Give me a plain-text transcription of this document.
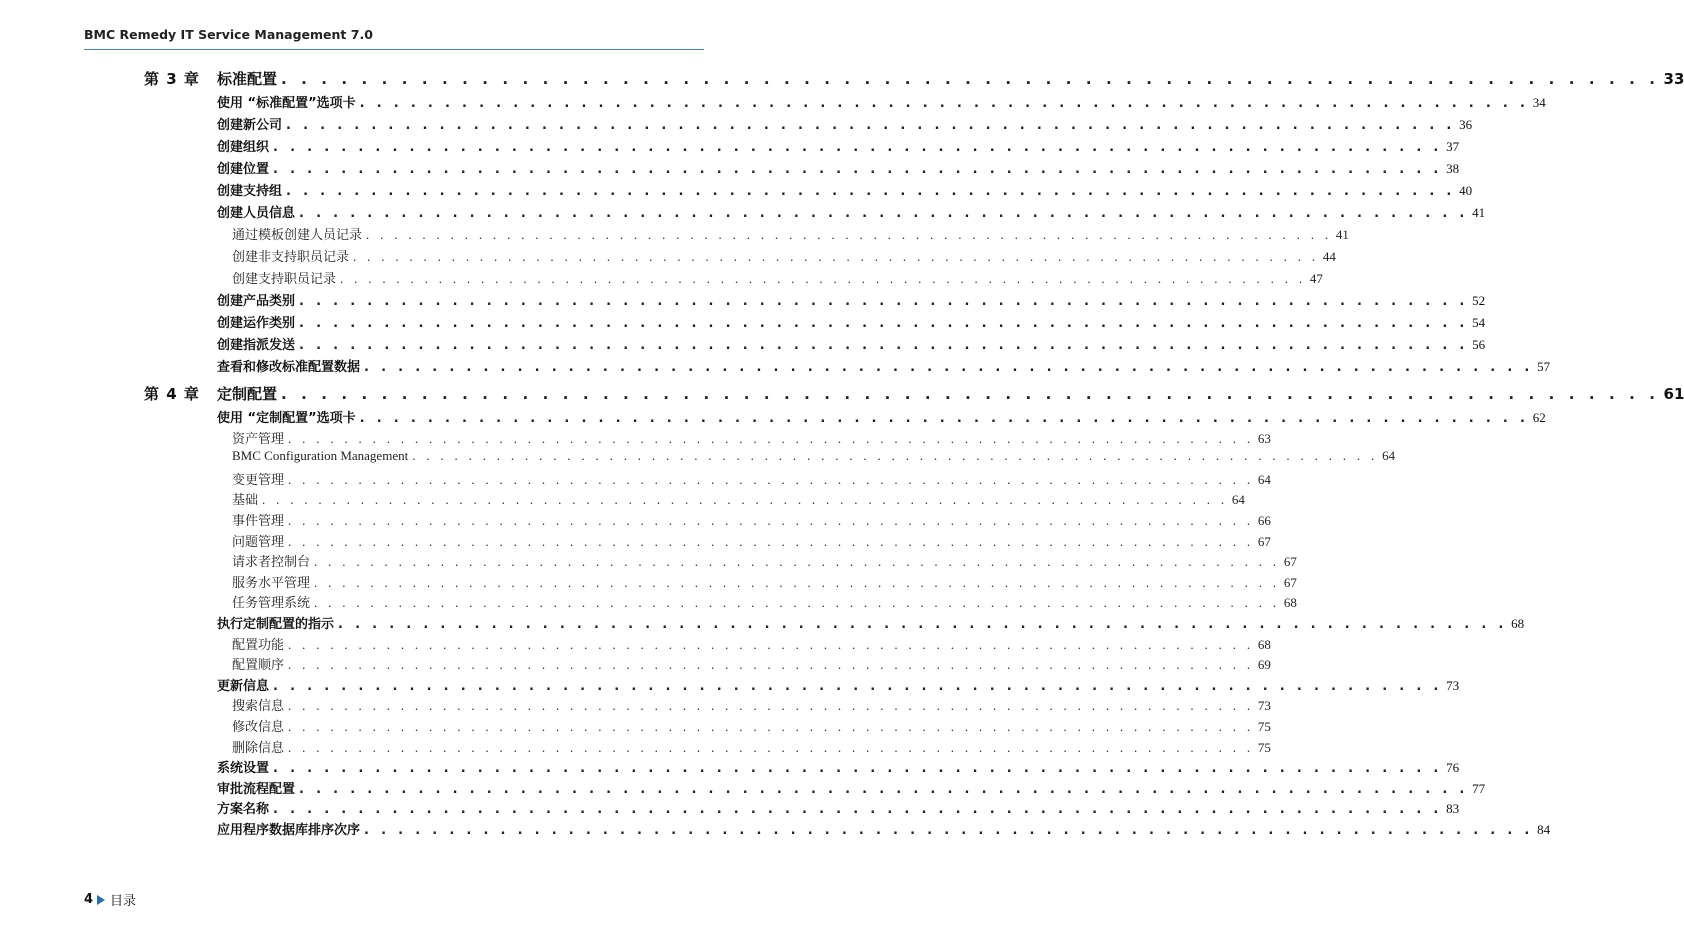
BMC Remedy IT Service Management 7.0
第 3 章 标准配置 . . . . . . . . . . . . . . . . . . . . . . . . . . . . . . . . . . . . . . . . . . . . . . . . . . . . . . . . . . . . . . . . . . . . . 33
使用 “标准配置”选项卡 . . . . . . . . . . . . . . . . . . . . . . . . . . . . . . . . . . . . . . . . . . . . . . . . . . . . . . . . . . . . . . . . . . . . . 34
创建新公司 . . . . . . . . . . . . . . . . . . . . . . . . . . . . . . . . . . . . . . . . . . . . . . . . . . . . . . . . . . . . . . . . . . . . . 36
创建组织 . . . . . . . . . . . . . . . . . . . . . . . . . . . . . . . . . . . . . . . . . . . . . . . . . . . . . . . . . . . . . . . . . . . . . 37
创建位置 . . . . . . . . . . . . . . . . . . . . . . . . . . . . . . . . . . . . . . . . . . . . . . . . . . . . . . . . . . . . . . . . . . . . . 38
创建支持组 . . . . . . . . . . . . . . . . . . . . . . . . . . . . . . . . . . . . . . . . . . . . . . . . . . . . . . . . . . . . . . . . . . . . . 40
创建人员信息 . . . . . . . . . . . . . . . . . . . . . . . . . . . . . . . . . . . . . . . . . . . . . . . . . . . . . . . . . . . . . . . . . . . . . 41
通过模板创建人员记录 . . . . . . . . . . . . . . . . . . . . . . . . . . . . . . . . . . . . . . . . . . . . . . . . . . . . . . . . . . . . . . . . . . . . . 41
创建非支持职员记录 . . . . . . . . . . . . . . . . . . . . . . . . . . . . . . . . . . . . . . . . . . . . . . . . . . . . . . . . . . . . . . . . . . . . . 44
创建支持职员记录 . . . . . . . . . . . . . . . . . . . . . . . . . . . . . . . . . . . . . . . . . . . . . . . . . . . . . . . . . . . . . . . . . . . . . 47
创建产品类别 . . . . . . . . . . . . . . . . . . . . . . . . . . . . . . . . . . . . . . . . . . . . . . . . . . . . . . . . . . . . . . . . . . . . . 52
创建运作类别 . . . . . . . . . . . . . . . . . . . . . . . . . . . . . . . . . . . . . . . . . . . . . . . . . . . . . . . . . . . . . . . . . . . . . 54
创建指派发送 . . . . . . . . . . . . . . . . . . . . . . . . . . . . . . . . . . . . . . . . . . . . . . . . . . . . . . . . . . . . . . . . . . . . . 56
查看和修改标准配置数据 . . . . . . . . . . . . . . . . . . . . . . . . . . . . . . . . . . . . . . . . . . . . . . . . . . . . . . . . . . . . . . . . . . . . . 57
第 4 章 定制配置 . . . . . . . . . . . . . . . . . . . . . . . . . . . . . . . . . . . . . . . . . . . . . . . . . . . . . . . . . . . . . . . . . . . . . 61
使用 “定制配置”选项卡 . . . . . . . . . . . . . . . . . . . . . . . . . . . . . . . . . . . . . . . . . . . . . . . . . . . . . . . . . . . . . . . . . . . . . 62
资产管理 . . . . . . . . . . . . . . . . . . . . . . . . . . . . . . . . . . . . . . . . . . . . . . . . . . . . . . . . . . . . . . . . . . . . . 63
BMC Configuration Management . . . . . . . . . . . . . . . . . . . . . . . . . . . . . . . . . . . . . . . . . . . . . . . . . . . . . . . . . . . . . . . . . . . . . 64
变更管理 . . . . . . . . . . . . . . . . . . . . . . . . . . . . . . . . . . . . . . . . . . . . . . . . . . . . . . . . . . . . . . . . . . . . . 64
基础 . . . . . . . . . . . . . . . . . . . . . . . . . . . . . . . . . . . . . . . . . . . . . . . . . . . . . . . . . . . . . . . . . . . . . 64
事件管理 . . . . . . . . . . . . . . . . . . . . . . . . . . . . . . . . . . . . . . . . . . . . . . . . . . . . . . . . . . . . . . . . . . . . . 66
问题管理 . . . . . . . . . . . . . . . . . . . . . . . . . . . . . . . . . . . . . . . . . . . . . . . . . . . . . . . . . . . . . . . . . . . . . 67
请求者控制台 . . . . . . . . . . . . . . . . . . . . . . . . . . . . . . . . . . . . . . . . . . . . . . . . . . . . . . . . . . . . . . . . . . . . . 67
服务水平管理 . . . . . . . . . . . . . . . . . . . . . . . . . . . . . . . . . . . . . . . . . . . . . . . . . . . . . . . . . . . . . . . . . . . . . 67
任务管理系统 . . . . . . . . . . . . . . . . . . . . . . . . . . . . . . . . . . . . . . . . . . . . . . . . . . . . . . . . . . . . . . . . . . . . . 68
执行定制配置的指示 . . . . . . . . . . . . . . . . . . . . . . . . . . . . . . . . . . . . . . . . . . . . . . . . . . . . . . . . . . . . . . . . . . . . . 68
配置功能 . . . . . . . . . . . . . . . . . . . . . . . . . . . . . . . . . . . . . . . . . . . . . . . . . . . . . . . . . . . . . . . . . . . . . 68
配置顺序 . . . . . . . . . . . . . . . . . . . . . . . . . . . . . . . . . . . . . . . . . . . . . . . . . . . . . . . . . . . . . . . . . . . . . 69
更新信息 . . . . . . . . . . . . . . . . . . . . . . . . . . . . . . . . . . . . . . . . . . . . . . . . . . . . . . . . . . . . . . . . . . . . . 73
搜索信息 . . . . . . . . . . . . . . . . . . . . . . . . . . . . . . . . . . . . . . . . . . . . . . . . . . . . . . . . . . . . . . . . . . . . . 73
修改信息 . . . . . . . . . . . . . . . . . . . . . . . . . . . . . . . . . . . . . . . . . . . . . . . . . . . . . . . . . . . . . . . . . . . . . 75
删除信息 . . . . . . . . . . . . . . . . . . . . . . . . . . . . . . . . . . . . . . . . . . . . . . . . . . . . . . . . . . . . . . . . . . . . . 75
系统设置 . . . . . . . . . . . . . . . . . . . . . . . . . . . . . . . . . . . . . . . . . . . . . . . . . . . . . . . . . . . . . . . . . . . . . 76
审批流程配置 . . . . . . . . . . . . . . . . . . . . . . . . . . . . . . . . . . . . . . . . . . . . . . . . . . . . . . . . . . . . . . . . . . . . . 77
方案名称 . . . . . . . . . . . . . . . . . . . . . . . . . . . . . . . . . . . . . . . . . . . . . . . . . . . . . . . . . . . . . . . . . . . . . 83
应用程序数据库排序次序 . . . . . . . . . . . . . . . . . . . . . . . . . . . . . . . . . . . . . . . . . . . . . . . . . . . . . . . . . . . . . . . . . . . . . 84
4 目录
